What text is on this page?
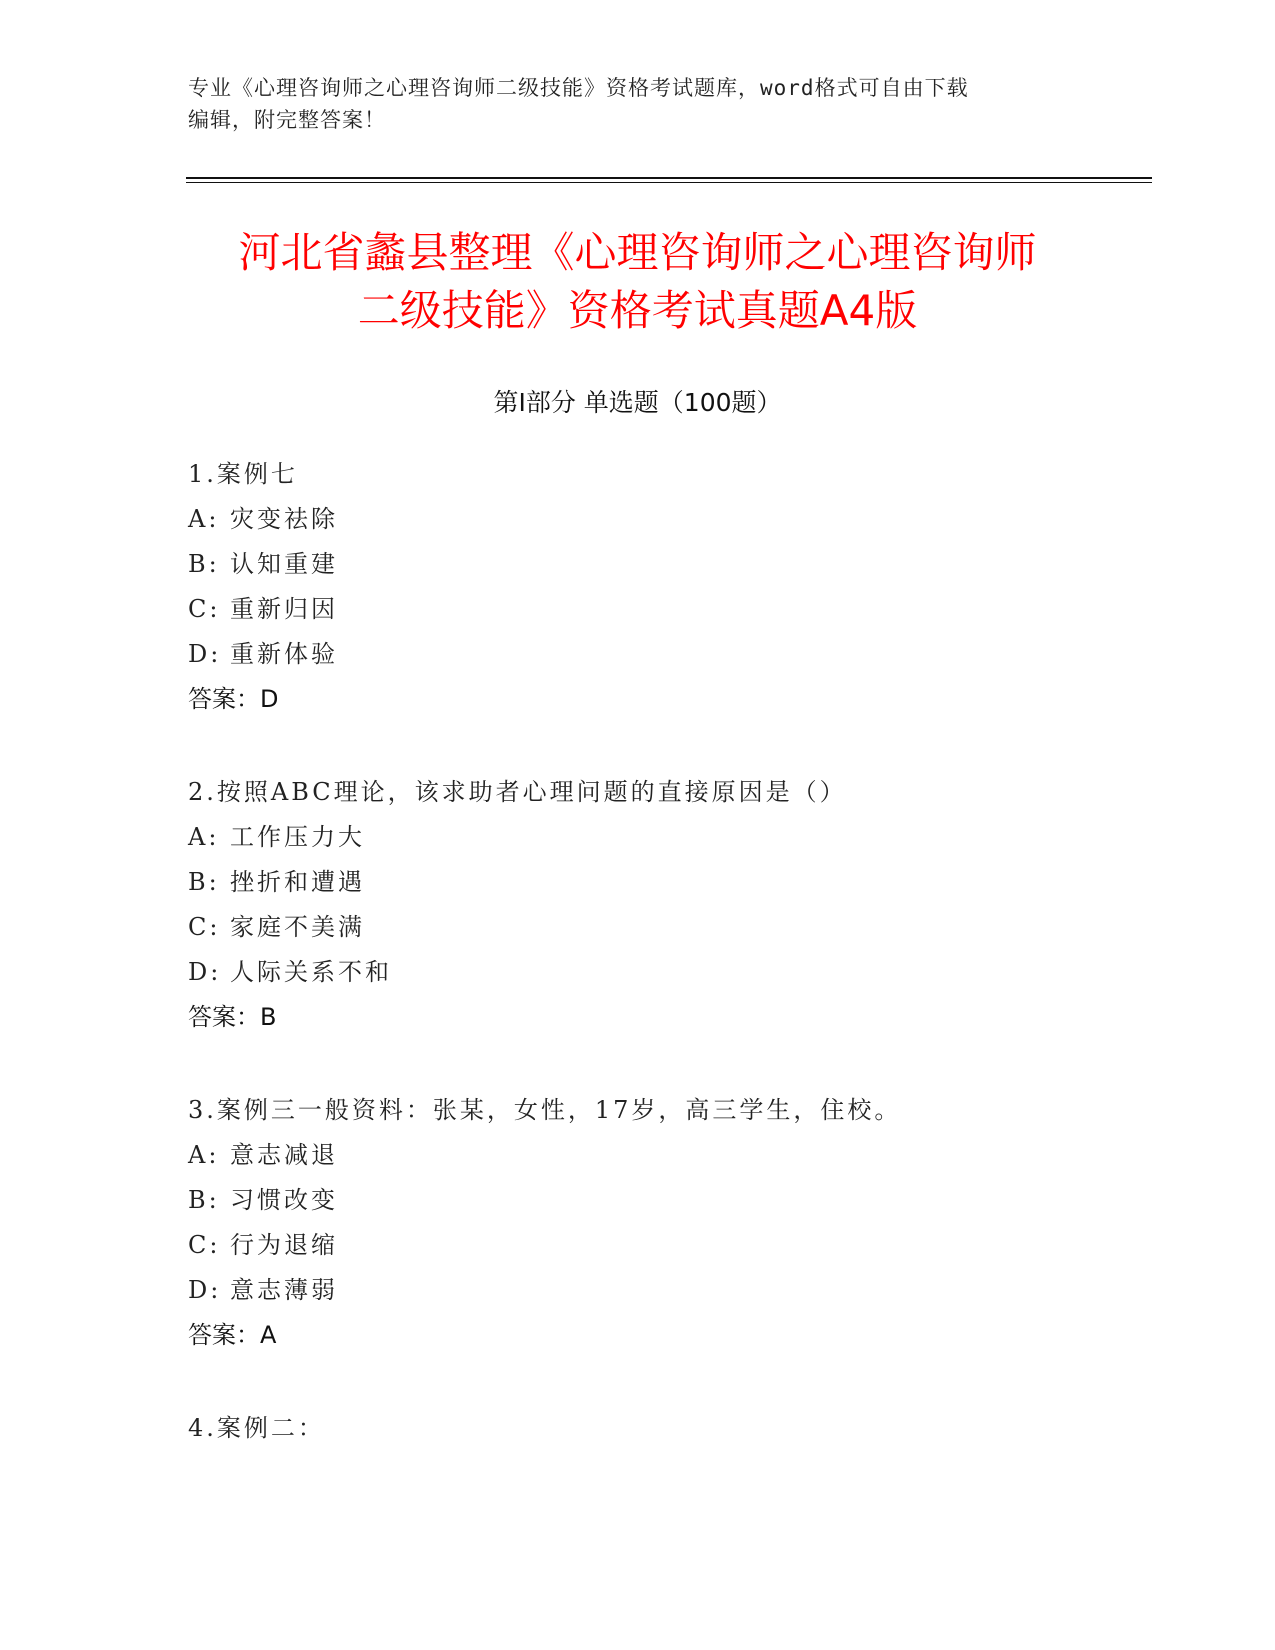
专业《心理咨询师之心理咨询师二级技能》资格考试题库，word格式可自由下载
编辑，附完整答案！
河北省蠡县整理《心理咨询师之心理咨询师
二级技能》资格考试真题A4版
第Ⅰ部分 单选题（100题）
1.案例七
A: 灾变祛除
B: 认知重建
C: 重新归因
D: 重新体验
答案：D
2.按照ABC理论，该求助者心理问题的直接原因是（）
A: 工作压力大
B: 挫折和遭遇
C: 家庭不美满
D: 人际关系不和
答案：B
3.案例三一般资料：张某，女性，17岁，高三学生，住校。
A: 意志减退
B: 习惯改变
C: 行为退缩
D: 意志薄弱
答案：A
4.案例二：
